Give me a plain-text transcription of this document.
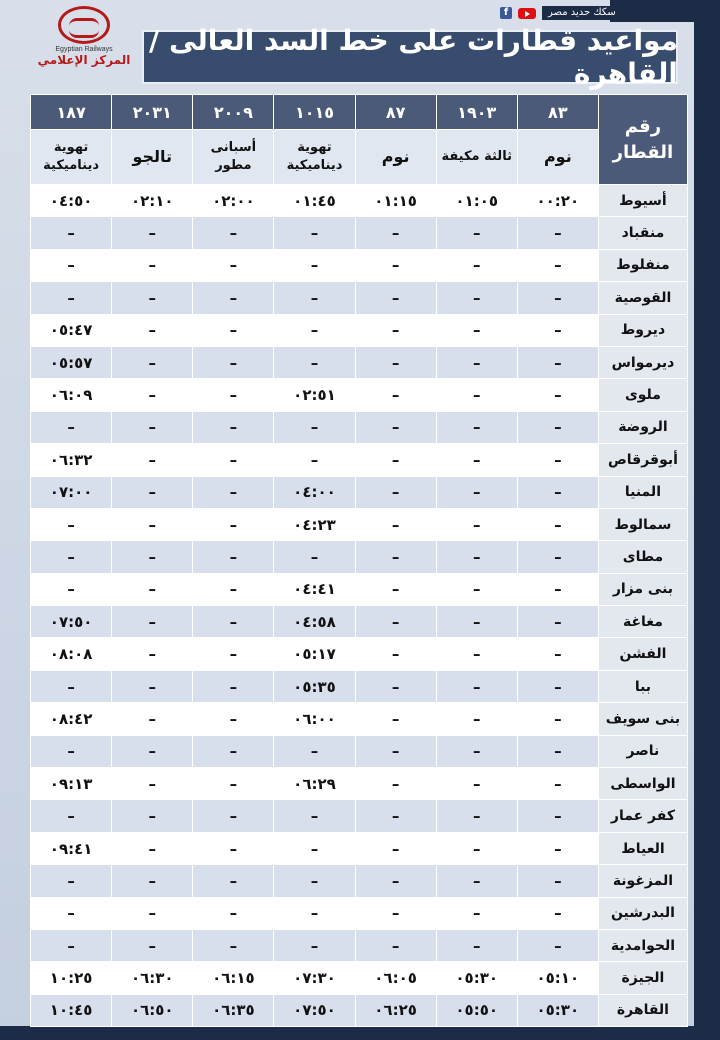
سكك حديد مصر
f
Egyptian Railways
المركز الإعلامي
مواعيد قطارات على خط السد العالى / القاهرة
رقم القطار	٨٣	١٩٠٣	٨٧	١٠١٥	٢٠٠٩	٢٠٣١	١٨٧
	نوم	ثالثة مكيفة	نوم	تهوية ديناميكية	أسبانى مطور	تالجو	تهوية ديناميكية
أسيوط	٠٠:٢٠	٠١:٠٥	٠١:١٥	٠١:٤٥	٠٢:٠٠	٠٢:١٠	٠٤:٥٠
منقباد	–	–	–	–	–	–	–
منفلوط	–	–	–	–	–	–	–
القوصية	–	–	–	–	–	–	–
ديروط	–	–	–	–	–	–	٠٥:٤٧
ديرمواس	–	–	–	–	–	–	٠٥:٥٧
ملوى	–	–	–	٠٢:٥١	–	–	٠٦:٠٩
الروضة	–	–	–	–	–	–	–
أبوقرقاص	–	–	–	–	–	–	٠٦:٣٢
المنيا	–	–	–	٠٤:٠٠	–	–	٠٧:٠٠
سمالوط	–	–	–	٠٤:٢٣	–	–	–
مطاى	–	–	–	–	–	–	–
بنى مزار	–	–	–	٠٤:٤١	–	–	–
مغاغة	–	–	–	٠٤:٥٨	–	–	٠٧:٥٠
الفشن	–	–	–	٠٥:١٧	–	–	٠٨:٠٨
ببا	–	–	–	٠٥:٣٥	–	–	–
بنى سويف	–	–	–	٠٦:٠٠	–	–	٠٨:٤٢
ناصر	–	–	–	–	–	–	–
الواسطى	–	–	–	٠٦:٢٩	–	–	٠٩:١٣
كفر عمار	–	–	–	–	–	–	–
العياط	–	–	–	–	–	–	٠٩:٤١
المزغونة	–	–	–	–	–	–	–
البدرشين	–	–	–	–	–	–	–
الحوامدية	–	–	–	–	–	–	–
الجيزة	٠٥:١٠	٠٥:٣٠	٠٦:٠٥	٠٧:٣٠	٠٦:١٥	٠٦:٣٠	١٠:٢٥
القاهرة	٠٥:٣٠	٠٥:٥٠	٠٦:٢٥	٠٧:٥٠	٠٦:٣٥	٠٦:٥٠	١٠:٤٥
